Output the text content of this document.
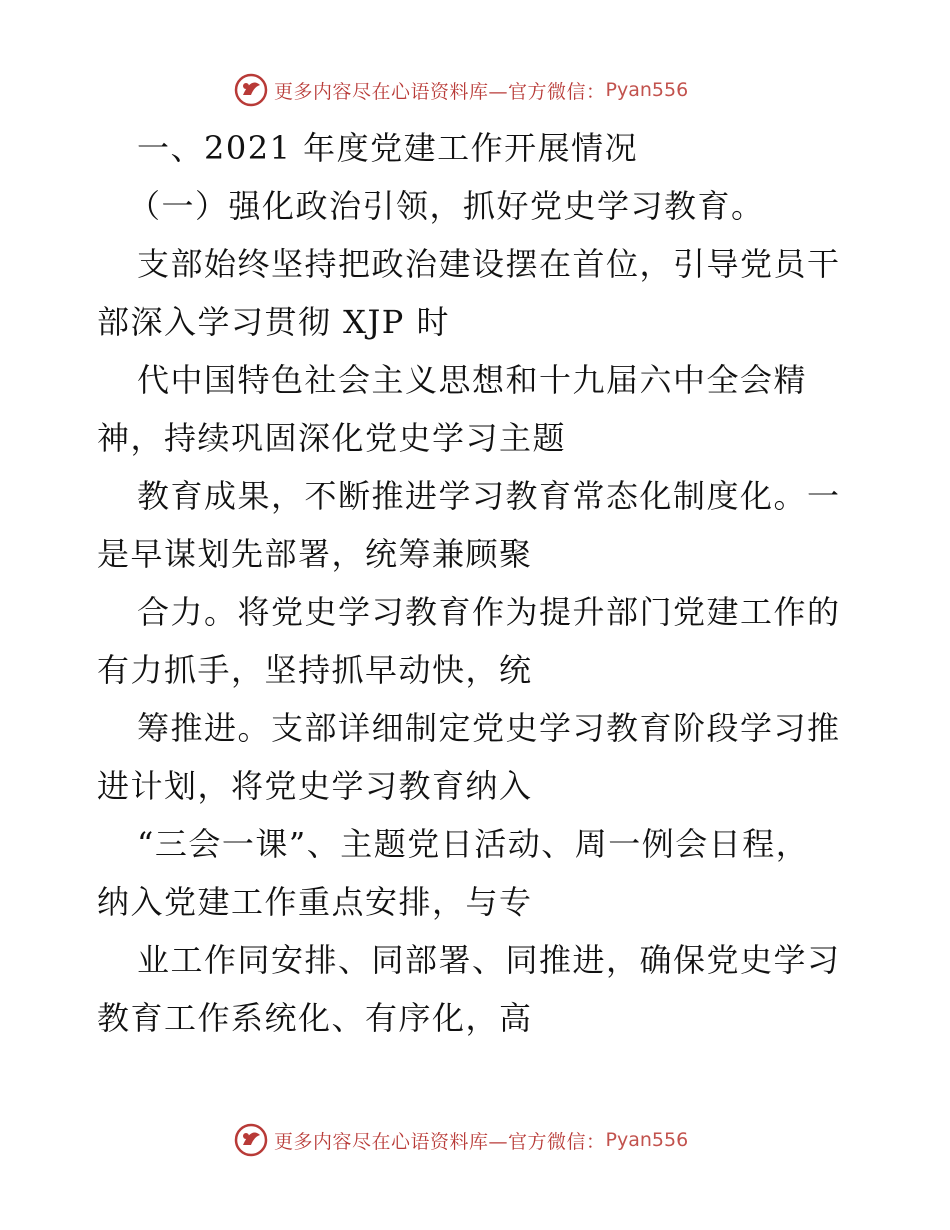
更多内容尽在心语资料库—官方微信： Pyan556
一、2021 年度党建工作开展情况
（一）强化政治引领，抓好党史学习教育。
支部始终坚持把政治建设摆在首位，引导党员干
部深入学习贯彻 XJP 时
代中国特色社会主义思想和十九届六中全会精
神，持续巩固深化党史学习主题
教育成果，不断推进学习教育常态化制度化。一
是早谋划先部署，统筹兼顾聚
合力。将党史学习教育作为提升部门党建工作的
有力抓手，坚持抓早动快，统
筹推进。支部详细制定党史学习教育阶段学习推
进计划，将党史学习教育纳入
“三会一课”、主题党日活动、周一例会日程，
纳入党建工作重点安排，与专
业工作同安排、同部署、同推进，确保党史学习
教育工作系统化、有序化，高
更多内容尽在心语资料库—官方微信： Pyan556
